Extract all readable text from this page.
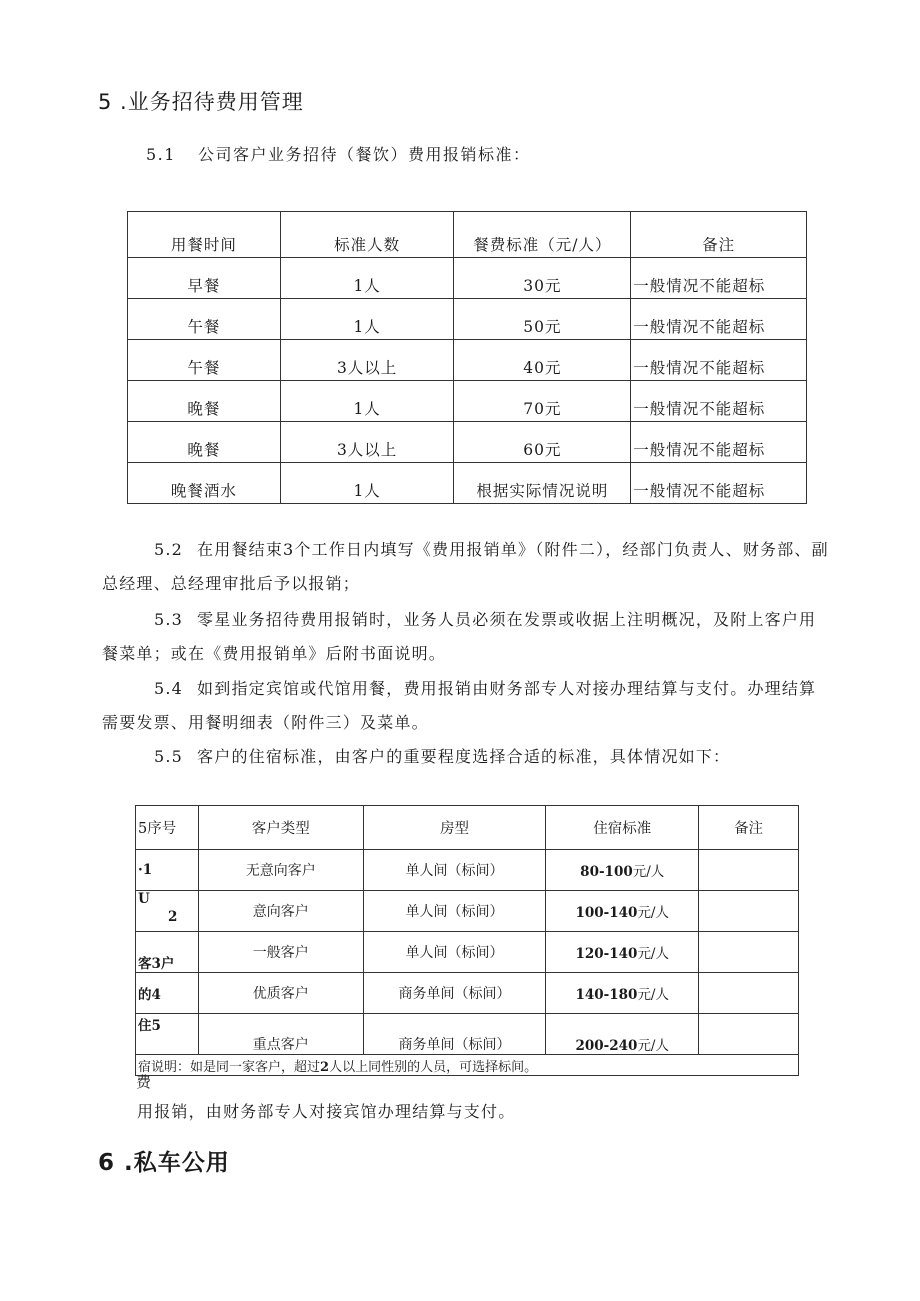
5 .业务招待费用管理
5.1 公司客户业务招待（餐饮）费用报销标准：
用餐时间	标准人数	餐费标准（元/人）	备注
早餐	1人	30元	一般情况不能超标
午餐	1人	50元	一般情况不能超标
午餐	3人以上	40元	一般情况不能超标
晚餐	1人	70元	一般情况不能超标
晚餐	3人以上	60元	一般情况不能超标
晚餐酒水	1人	根据实际情况说明	一般情况不能超标
5.2 在用餐结束3个工作日内填写《费用报销单》（附件二），经部门负责人、财务部、副总经理、总经理审批后予以报销；
5.3 零星业务招待费用报销时，业务人员必须在发票或收据上注明概况，及附上客户用餐菜单；或在《费用报销单》后附书面说明。
5.4 如到指定宾馆或代馆用餐，费用报销由财务部专人对接办理结算与支付。办理结算需要发票、用餐明细表（附件三）及菜单。
5.5 客户的住宿标准，由客户的重要程度选择合适的标准，具体情况如下：
5序号	客户类型	房型	住宿标准	备注
·1	无意向客户	单人间（标间）	80-100元/人	
U
2	意向客户	单人间（标间）	100-140元/人	
客3户	一般客户	单人间（标间）	120-140元/人	
的4	优质客户	商务单间（标间）	140-180元/人	
住5	重点客户	商务单间（标间）	200-240元/人	
宿说明：如是同一家客户，超过2人以上同性别的人员，可选择标间。				
费
用报销，由财务部专人对接宾馆办理结算与支付。
6 .私车公用
